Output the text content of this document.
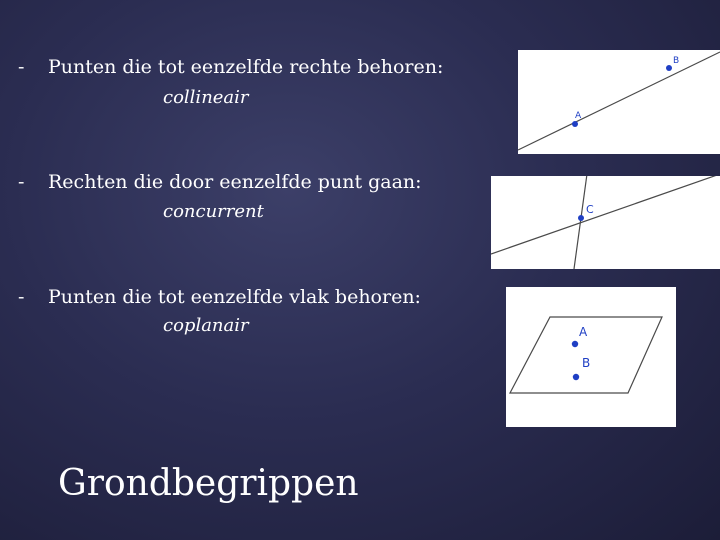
- Punten die tot eenzelfde rechte behoren:
collineair
- Rechten die door eenzelfde punt gaan:
concurrent
- Punten die tot eenzelfde vlak behoren:
coplanair
A
B
C
A
B
Grondbegrippen
